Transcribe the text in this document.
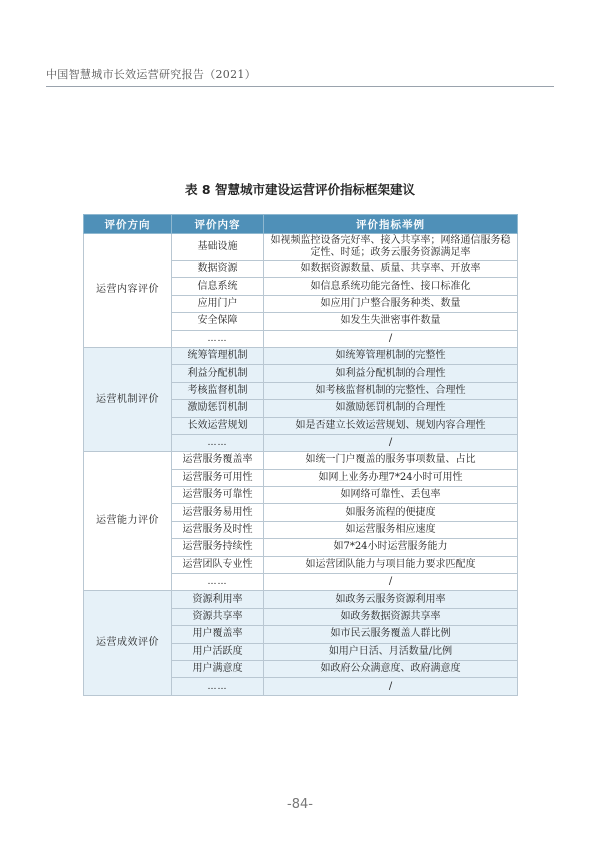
中国智慧城市长效运营研究报告（2021）
表 8 智慧城市建设运营评价指标框架建议
评价方向	评价内容	评价指标举例
运营内容评价	基础设施	如视频监控设备完好率、接入共享率；网络通信服务稳定性、时延；政务云服务资源满足率
	数据资源	如数据资源数量、质量、共享率、开放率
	信息系统	如信息系统功能完备性、接口标准化
	应用门户	如应用门户整合服务种类、数量
	安全保障	如发生失泄密事件数量
	……	/
运营机制评价	统筹管理机制	如统筹管理机制的完整性
	利益分配机制	如利益分配机制的合理性
	考核监督机制	如考核监督机制的完整性、合理性
	激励惩罚机制	如激励惩罚机制的合理性
	长效运营规划	如是否建立长效运营规划、规划内容合理性
	……	/
运营能力评价	运营服务覆盖率	如统一门户覆盖的服务事项数量、占比
	运营服务可用性	如网上业务办理7*24小时可用性
	运营服务可靠性	如网络可靠性、丢包率
	运营服务易用性	如服务流程的便捷度
	运营服务及时性	如运营服务相应速度
	运营服务持续性	如7*24小时运营服务能力
	运营团队专业性	如运营团队能力与项目能力要求匹配度
	……	/
运营成效评价	资源利用率	如政务云服务资源利用率
	资源共享率	如政务数据资源共享率
	用户覆盖率	如市民云服务覆盖人群比例
	用户活跃度	如用户日活、月活数量/比例
	用户满意度	如政府公众满意度、政府满意度
	……	/
-84-
